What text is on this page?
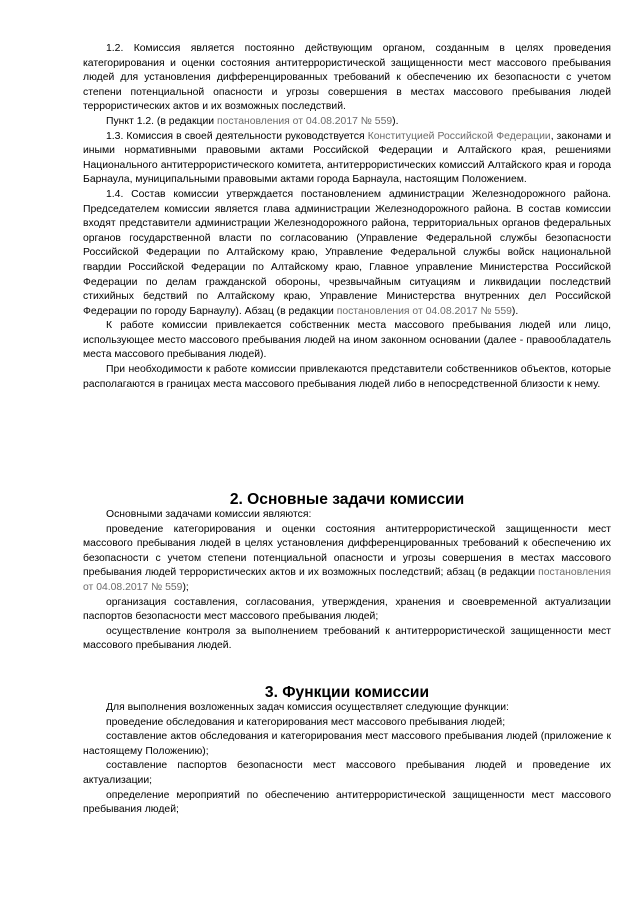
1.2. Комиссия является постоянно действующим органом, созданным в целях проведения категорирования и оценки состояния антитеррористической защищенности мест массового пребывания людей для установления дифференцированных требований к обеспечению их безопасности с учетом степени потенциальной опасности и угрозы совершения в местах массового пребывания людей террористических актов и их возможных последствий.

Пункт 1.2. (в редакции постановления от 04.08.2017 № 559).

1.3. Комиссия в своей деятельности руководствуется Конституцией Российской Федерации, законами и иными нормативными правовыми актами Российской Федерации и Алтайского края, решениями Национального антитеррористического комитета, антитеррористических комиссий Алтайского края и города Барнаула, муниципальными правовыми актами города Барнаула, настоящим Положением.

1.4. Состав комиссии утверждается постановлением администрации Железнодорожного района. Председателем комиссии является глава администрации Железнодорожного района. В состав комиссии входят представители администрации Железнодорожного района, территориальных органов федеральных органов государственной власти по согласованию (Управление Федеральной службы безопасности Российской Федерации по Алтайскому краю, Управление Федеральной службы войск национальной гвардии Российской Федерации по Алтайскому краю, Главное управление Министерства Российской Федерации по делам гражданской обороны, чрезвычайным ситуациям и ликвидации последствий стихийных бедствий по Алтайскому краю, Управление Министерства внутренних дел Российской Федерации по городу Барнаулу). Абзац (в редакции постановления от 04.08.2017 № 559).

К работе комиссии привлекается собственник места массового пребывания людей или лицо, использующее место массового пребывания людей на ином законном основании (далее - правообладатель места массового пребывания людей).

При необходимости к работе комиссии привлекаются представители собственников объектов, которые располагаются в границах места массового пребывания людей либо в непосредственной близости к нему.

2. Основные задачи комиссии

Основными задачами комиссии являются:

проведение категорирования и оценки состояния антитеррористической защищенности мест массового пребывания людей в целях установления дифференцированных требований к обеспечению их безопасности с учетом степени потенциальной опасности и угрозы совершения в местах массового пребывания людей террористических актов и их возможных последствий; абзац (в редакции постановления от 04.08.2017 № 559);

организация составления, согласования, утверждения, хранения и своевременной актуализации паспортов безопасности мест массового пребывания людей;

осуществление контроля за выполнением требований к антитеррористической защищенности мест массового пребывания людей.

3. Функции комиссии

Для выполнения возложенных задач комиссия осуществляет следующие функции:

проведение обследования и категорирования мест массового пребывания людей;

составление актов обследования и категорирования мест массового пребывания людей (приложение к настоящему Положению);

составление паспортов безопасности мест массового пребывания людей и проведение их актуализации;

определение мероприятий по обеспечению антитеррористической защищенности мест массового пребывания людей;
